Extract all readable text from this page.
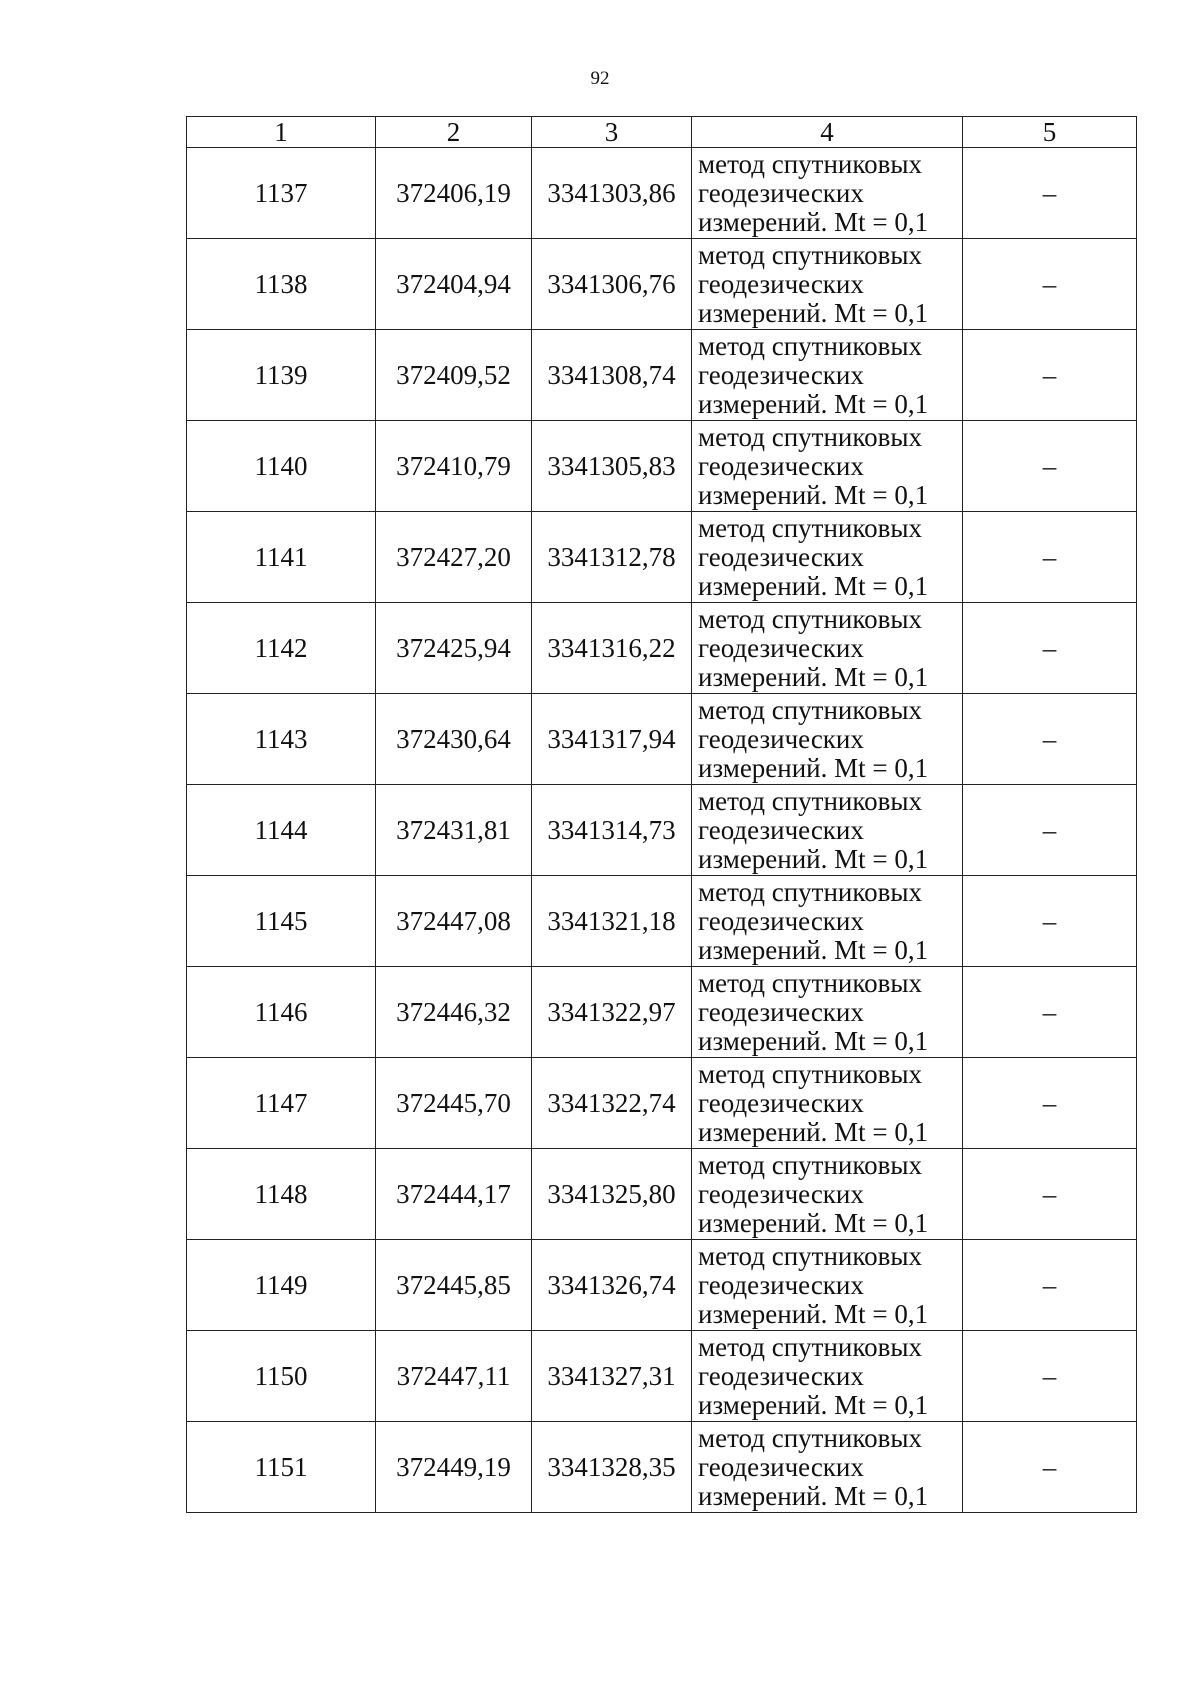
92
1	2	3	4	5
1137	372406,19	3341303,86	метод спутниковых
геодезических
измерений. Mt = 0,1	–
1138	372404,94	3341306,76	метод спутниковых
геодезических
измерений. Mt = 0,1	–
1139	372409,52	3341308,74	метод спутниковых
геодезических
измерений. Mt = 0,1	–
1140	372410,79	3341305,83	метод спутниковых
геодезических
измерений. Mt = 0,1	–
1141	372427,20	3341312,78	метод спутниковых
геодезических
измерений. Mt = 0,1	–
1142	372425,94	3341316,22	метод спутниковых
геодезических
измерений. Mt = 0,1	–
1143	372430,64	3341317,94	метод спутниковых
геодезических
измерений. Mt = 0,1	–
1144	372431,81	3341314,73	метод спутниковых
геодезических
измерений. Mt = 0,1	–
1145	372447,08	3341321,18	метод спутниковых
геодезических
измерений. Mt = 0,1	–
1146	372446,32	3341322,97	метод спутниковых
геодезических
измерений. Mt = 0,1	–
1147	372445,70	3341322,74	метод спутниковых
геодезических
измерений. Mt = 0,1	–
1148	372444,17	3341325,80	метод спутниковых
геодезических
измерений. Mt = 0,1	–
1149	372445,85	3341326,74	метод спутниковых
геодезических
измерений. Mt = 0,1	–
1150	372447,11	3341327,31	метод спутниковых
геодезических
измерений. Mt = 0,1	–
1151	372449,19	3341328,35	метод спутниковых
геодезических
измерений. Mt = 0,1	–
